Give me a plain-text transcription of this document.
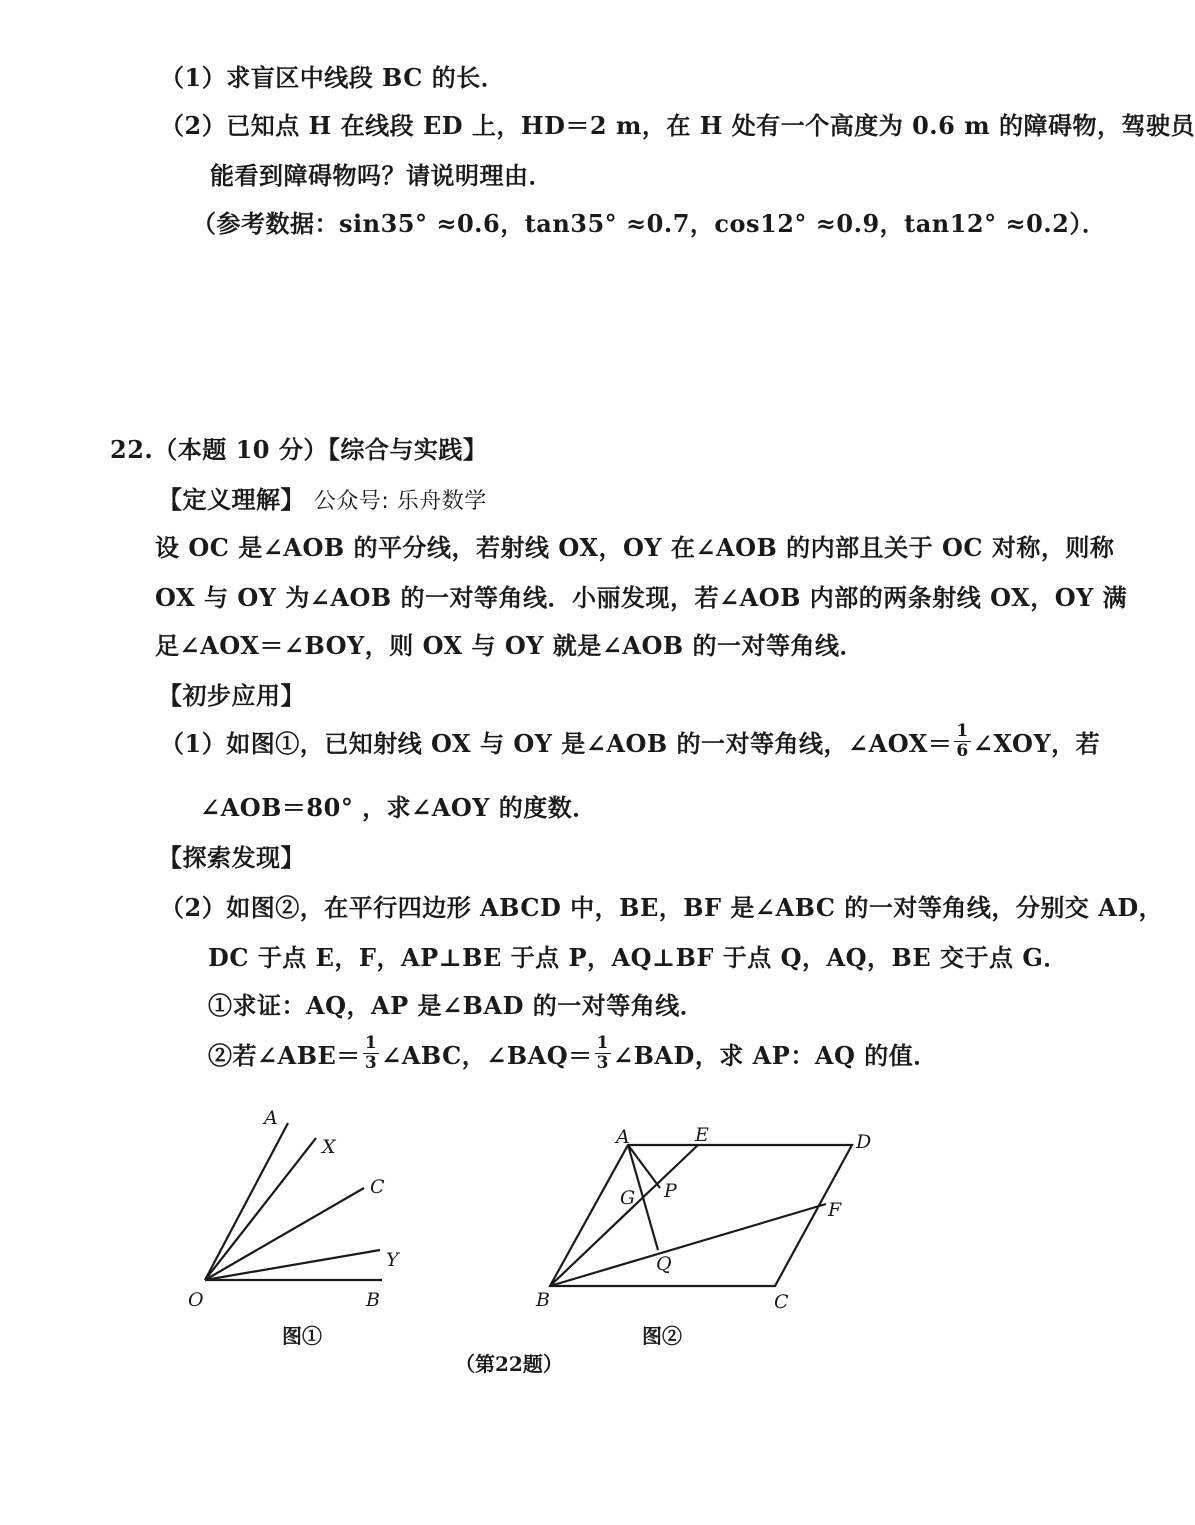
（1）求盲区中线段 BC 的长．
（2）已知点 H 在线段 ED 上，HD＝2 m，在 H 处有一个高度为 0.6 m 的障碍物，驾驶员
能看到障碍物吗？请说明理由．
（参考数据：sin35° ≈0.6，tan35° ≈0.7，cos12° ≈0.9，tan12° ≈0.2）．
22.（本题 10 分）【综合与实践】
【定义理解】 公众号: 乐舟数学
设 OC 是∠AOB 的平分线，若射线 OX，OY 在∠AOB 的内部且关于 OC 对称，则称
OX 与 OY 为∠AOB 的一对等角线．小丽发现，若∠AOB 内部的两条射线 OX，OY 满
足∠AOX＝∠BOY，则 OX 与 OY 就是∠AOB 的一对等角线．
【初步应用】
（1）如图①，已知射线 OX 与 OY 是∠AOB 的一对等角线，∠AOX＝ $\frac{1}{6}$ ∠XOY，若
∠AOB＝80° ，求∠AOY 的度数．
【探索发现】
（2）如图②，在平行四边形 ABCD 中，BE，BF 是∠ABC 的一对等角线，分别交 AD，
DC 于点 E，F，AP⊥BE 于点 P，AQ⊥BF 于点 Q，AQ，BE 交于点 G．
①求证：AQ，AP 是∠BAD 的一对等角线．
②若∠ABE＝ $\frac{1}{3}$ ∠ABC，∠BAQ＝ $\frac{1}{3}$ ∠BAD，求 AP：AQ 的值．
A
X
C
Y
O	B
图①
A	E	D
G P
F
Q
B	C
图②
（第22题）
